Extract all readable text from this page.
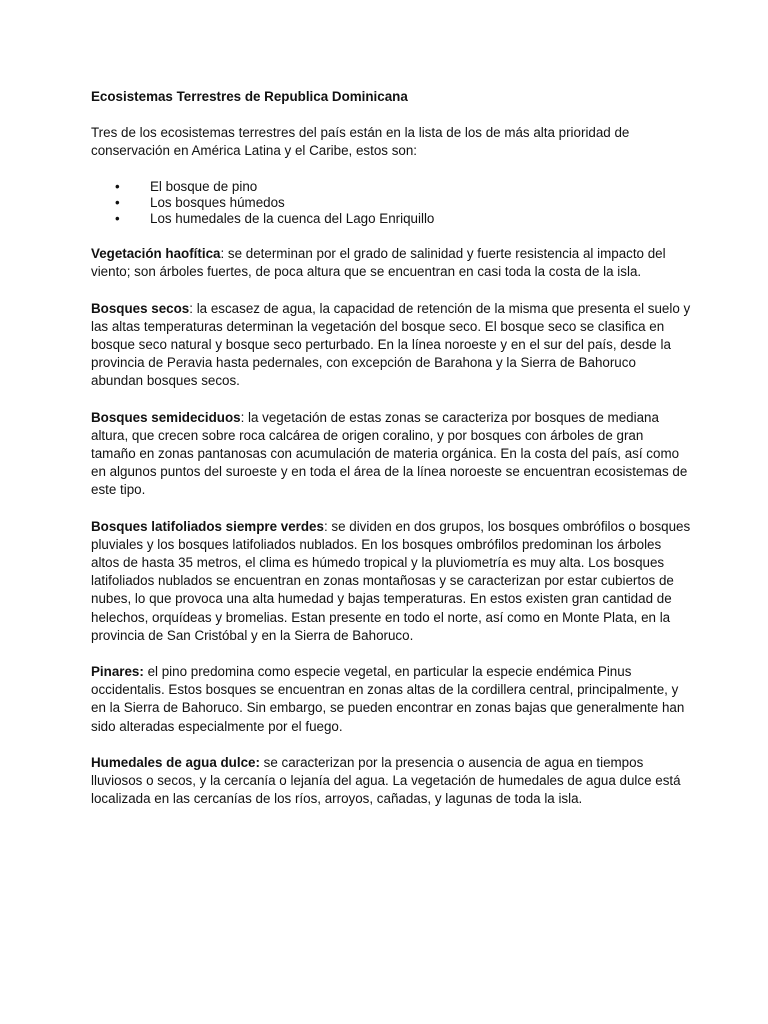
Ecosistemas Terrestres de Republica Dominicana

Tres de los ecosistemas terrestres del país están en la lista de los de más alta prioridad de conservación en América Latina y el Caribe, estos son:

• El bosque de pino
• Los bosques húmedos
• Los humedales de la cuenca del Lago Enriquillo

Vegetación haofítica: se determinan por el grado de salinidad y fuerte resistencia al impacto del viento; son árboles fuertes, de poca altura que se encuentran en casi toda la costa de la isla.

Bosques secos: la escasez de agua, la capacidad de retención de la misma que presenta el suelo y las altas temperaturas determinan la vegetación del bosque seco. El bosque seco se clasifica en bosque seco natural y bosque seco perturbado. En la línea noroeste y en el sur del país, desde la provincia de Peravia hasta pedernales, con excepción de Barahona y la Sierra de Bahoruco abundan bosques secos.

Bosques semideciduos: la vegetación de estas zonas se caracteriza por bosques de mediana altura, que crecen sobre roca calcárea de origen coralino, y por bosques con árboles de gran tamaño en zonas pantanosas con acumulación de materia orgánica. En la costa del país, así como en algunos puntos del suroeste y en toda el área de la línea noroeste se encuentran ecosistemas de este tipo.

Bosques latifoliados siempre verdes: se dividen en dos grupos, los bosques ombrófilos o bosques pluviales y los bosques latifoliados nublados. En los bosques ombrófilos predominan los árboles altos de hasta 35 metros, el clima es húmedo tropical y la pluviometría es muy alta. Los bosques latifoliados nublados se encuentran en zonas montañosas y se caracterizan por estar cubiertos de nubes, lo que provoca una alta humedad y bajas temperaturas. En estos existen gran cantidad de helechos, orquídeas y bromelias. Estan presente en todo el norte, así como en Monte Plata, en la provincia de San Cristóbal y en la Sierra de Bahoruco.

Pinares: el pino predomina como especie vegetal, en particular la especie endémica Pinus occidentalis. Estos bosques se encuentran en zonas altas de la cordillera central, principalmente, y en la Sierra de Bahoruco. Sin embargo, se pueden encontrar en zonas bajas que generalmente han sido alteradas especialmente por el fuego.

Humedales de agua dulce: se caracterizan por la presencia o ausencia de agua en tiempos lluviosos o secos, y la cercanía o lejanía del agua. La vegetación de humedales de agua dulce está localizada en las cercanías de los ríos, arroyos, cañadas, y lagunas de toda la isla.
